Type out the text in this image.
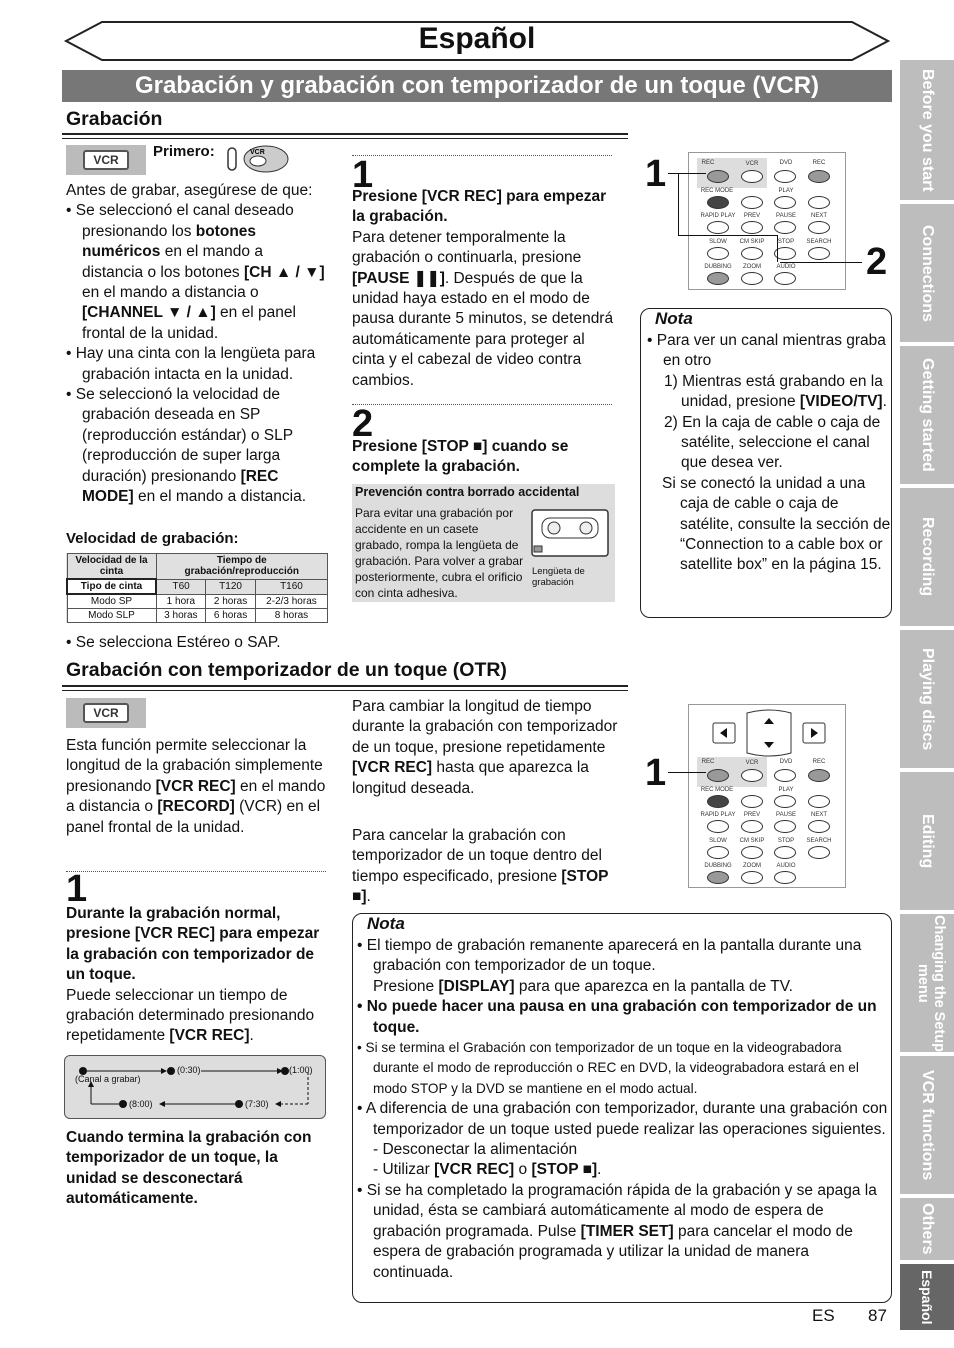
Español
Grabación y grabación con temporizador de un toque (VCR)
Grabación
VCR	Primero:	VCR

Antes de grabar, asegúrese de que:

• Se seleccionó el canal deseado presionando los botones numéricos en el mando a distancia o los botones [CH ▲ / ▼] en el mando a distancia o [CHANNEL ▼ / ▲] en el panel frontal de la unidad.

• Hay una cinta con la lengüeta para grabación intacta en la unidad.

• Se seleccionó la velocidad de grabación deseada en SP (reproducción estándar) o SLP (reproducción de super larga duración) presionando [REC MODE] en el mando a distancia.

Velocidad de grabación:
Velocidad de la cinta	Tiempo de grabación/reproducción		
Tipo de cinta	T60	T120	T160
Modo SP	1 hora	2 horas	2-2/3 horas
Modo SLP	3 horas	6 horas	8 horas
• Se selecciona Estéreo o SAP.
1

Presione [VCR REC] para empezar la grabación.

Para detener temporalmente la grabación o continuarla, presione [PAUSE ❚❚]. Después de que la unidad haya estado en el modo de pausa durante 5 minutos, se detendrá automáticamente para proteger al cinta y el cabezal de video contra cambios.

2
Presione [STOP ■] cuando se complete la grabación.
Prevención contra borrado accidental
Para evitar una grabación por accidente en un casete grabado, rompa la lengüeta de grabación. Para volver a grabar posteriormente, cubra el orificio con cinta adhesiva.
Lengüeta de grabación
1
2
REC	VCR	DVD	REC
REC MODE	PLAY
RAPID PLAY	PREV	PAUSE	NEXT
SLOW	CM SKIP	STOP	SEARCH
DUBBING	ZOOM	AUDIO
Nota

• Para ver un canal mientras graba en otro

1) Mientras está grabando en la unidad, presione [VIDEO/TV].

2) En la caja de cable o caja de satélite, seleccione el canal que desea ver.

Si se conectó la unidad a una caja de cable o caja de satélite, consulte la sección de “Connection to a cable box or satellite box” en la página 15.

Grabación con temporizador de un toque (OTR)
VCR
Esta función permite seleccionar la longitud de la grabación simplemente presionando [VCR REC] en el mando a distancia o [RECORD] (VCR) en el panel frontal de la unidad.
1

Durante la grabación normal, presione [VCR REC] para empezar la grabación con temporizador de un toque.

Puede seleccionar un tiempo de grabación determinado presionando repetidamente [VCR REC].

(Canal a grabar)
(0:30)	(1:00)
(8:00)	(7:30)
Cuando termina la grabación con temporizador de un toque, la unidad se desconectará automáticamente.
Para cambiar la longitud de tiempo durante la grabación con temporizador de un toque, presione repetidamente [VCR REC] hasta que aparezca la longitud deseada.
Para cancelar la grabación con temporizador de un toque dentro del tiempo especificado, presione [STOP ■].
1	REC	VCR	DVD	REC
REC MODE	PLAY
RAPID PLAY	PREV	PAUSE	NEXT
SLOW	CM SKIP	STOP	SEARCH
DUBBING	ZOOM	AUDIO
Nota

• El tiempo de grabación remanente aparecerá en la pantalla durante una grabación con temporizador de un toque.

Presione [DISPLAY] para que aparezca en la pantalla de TV.

• No puede hacer una pausa en una grabación con temporizador de un toque.

• Si se termina el Grabación con temporizador de un toque en la videograbadora durante el modo de reproducción o REC en DVD, la videograbadora estará en el modo STOP y la DVD se mantiene en el modo actual.

• A diferencia de una grabación con temporizador, durante una grabación con temporizador de un toque usted puede realizar las operaciones siguientes.

- Desconectar la alimentación

- Utilizar [VCR REC] o [STOP ■].

• Si se ha completado la programación rápida de la grabación y se apaga la unidad, ésta se cambiará automáticamente al modo de espera de grabación programada. Pulse [TIMER SET] para cancelar el modo de espera de grabación programada y utilizar la unidad de manera continuada.

Before you start
Connections
Getting started
Recording
Playing discs
Editing
Changing the Setup menu
VCR functions
Others
Español
ES 87
